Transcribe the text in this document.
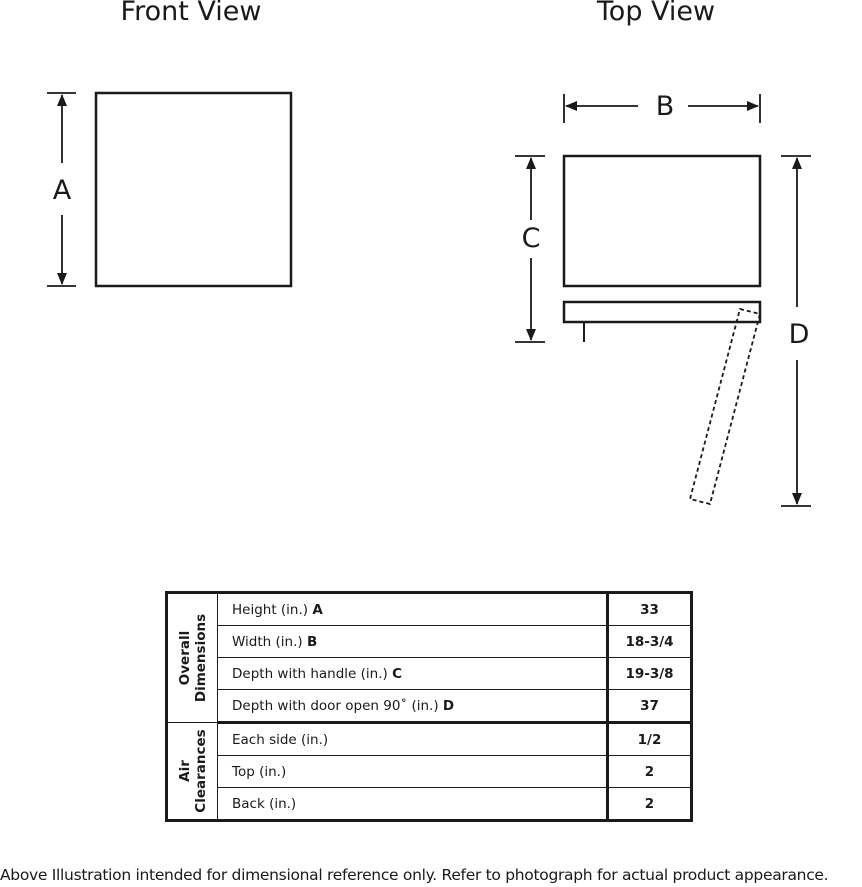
Front View	Top View
A
B
C
D
Overall Dimensions	Height (in.) A	33
	Width (in.) B	18-3/4
	Depth with handle (in.) C	19-3/8
	Depth with door open 90˚ (in.) D	37

Air Clearances	Each side (in.)	1/2
	Top (in.)	2
	Back (in.)	2
Above Illustration intended for dimensional reference only. Refer to photograph for actual product appearance.
